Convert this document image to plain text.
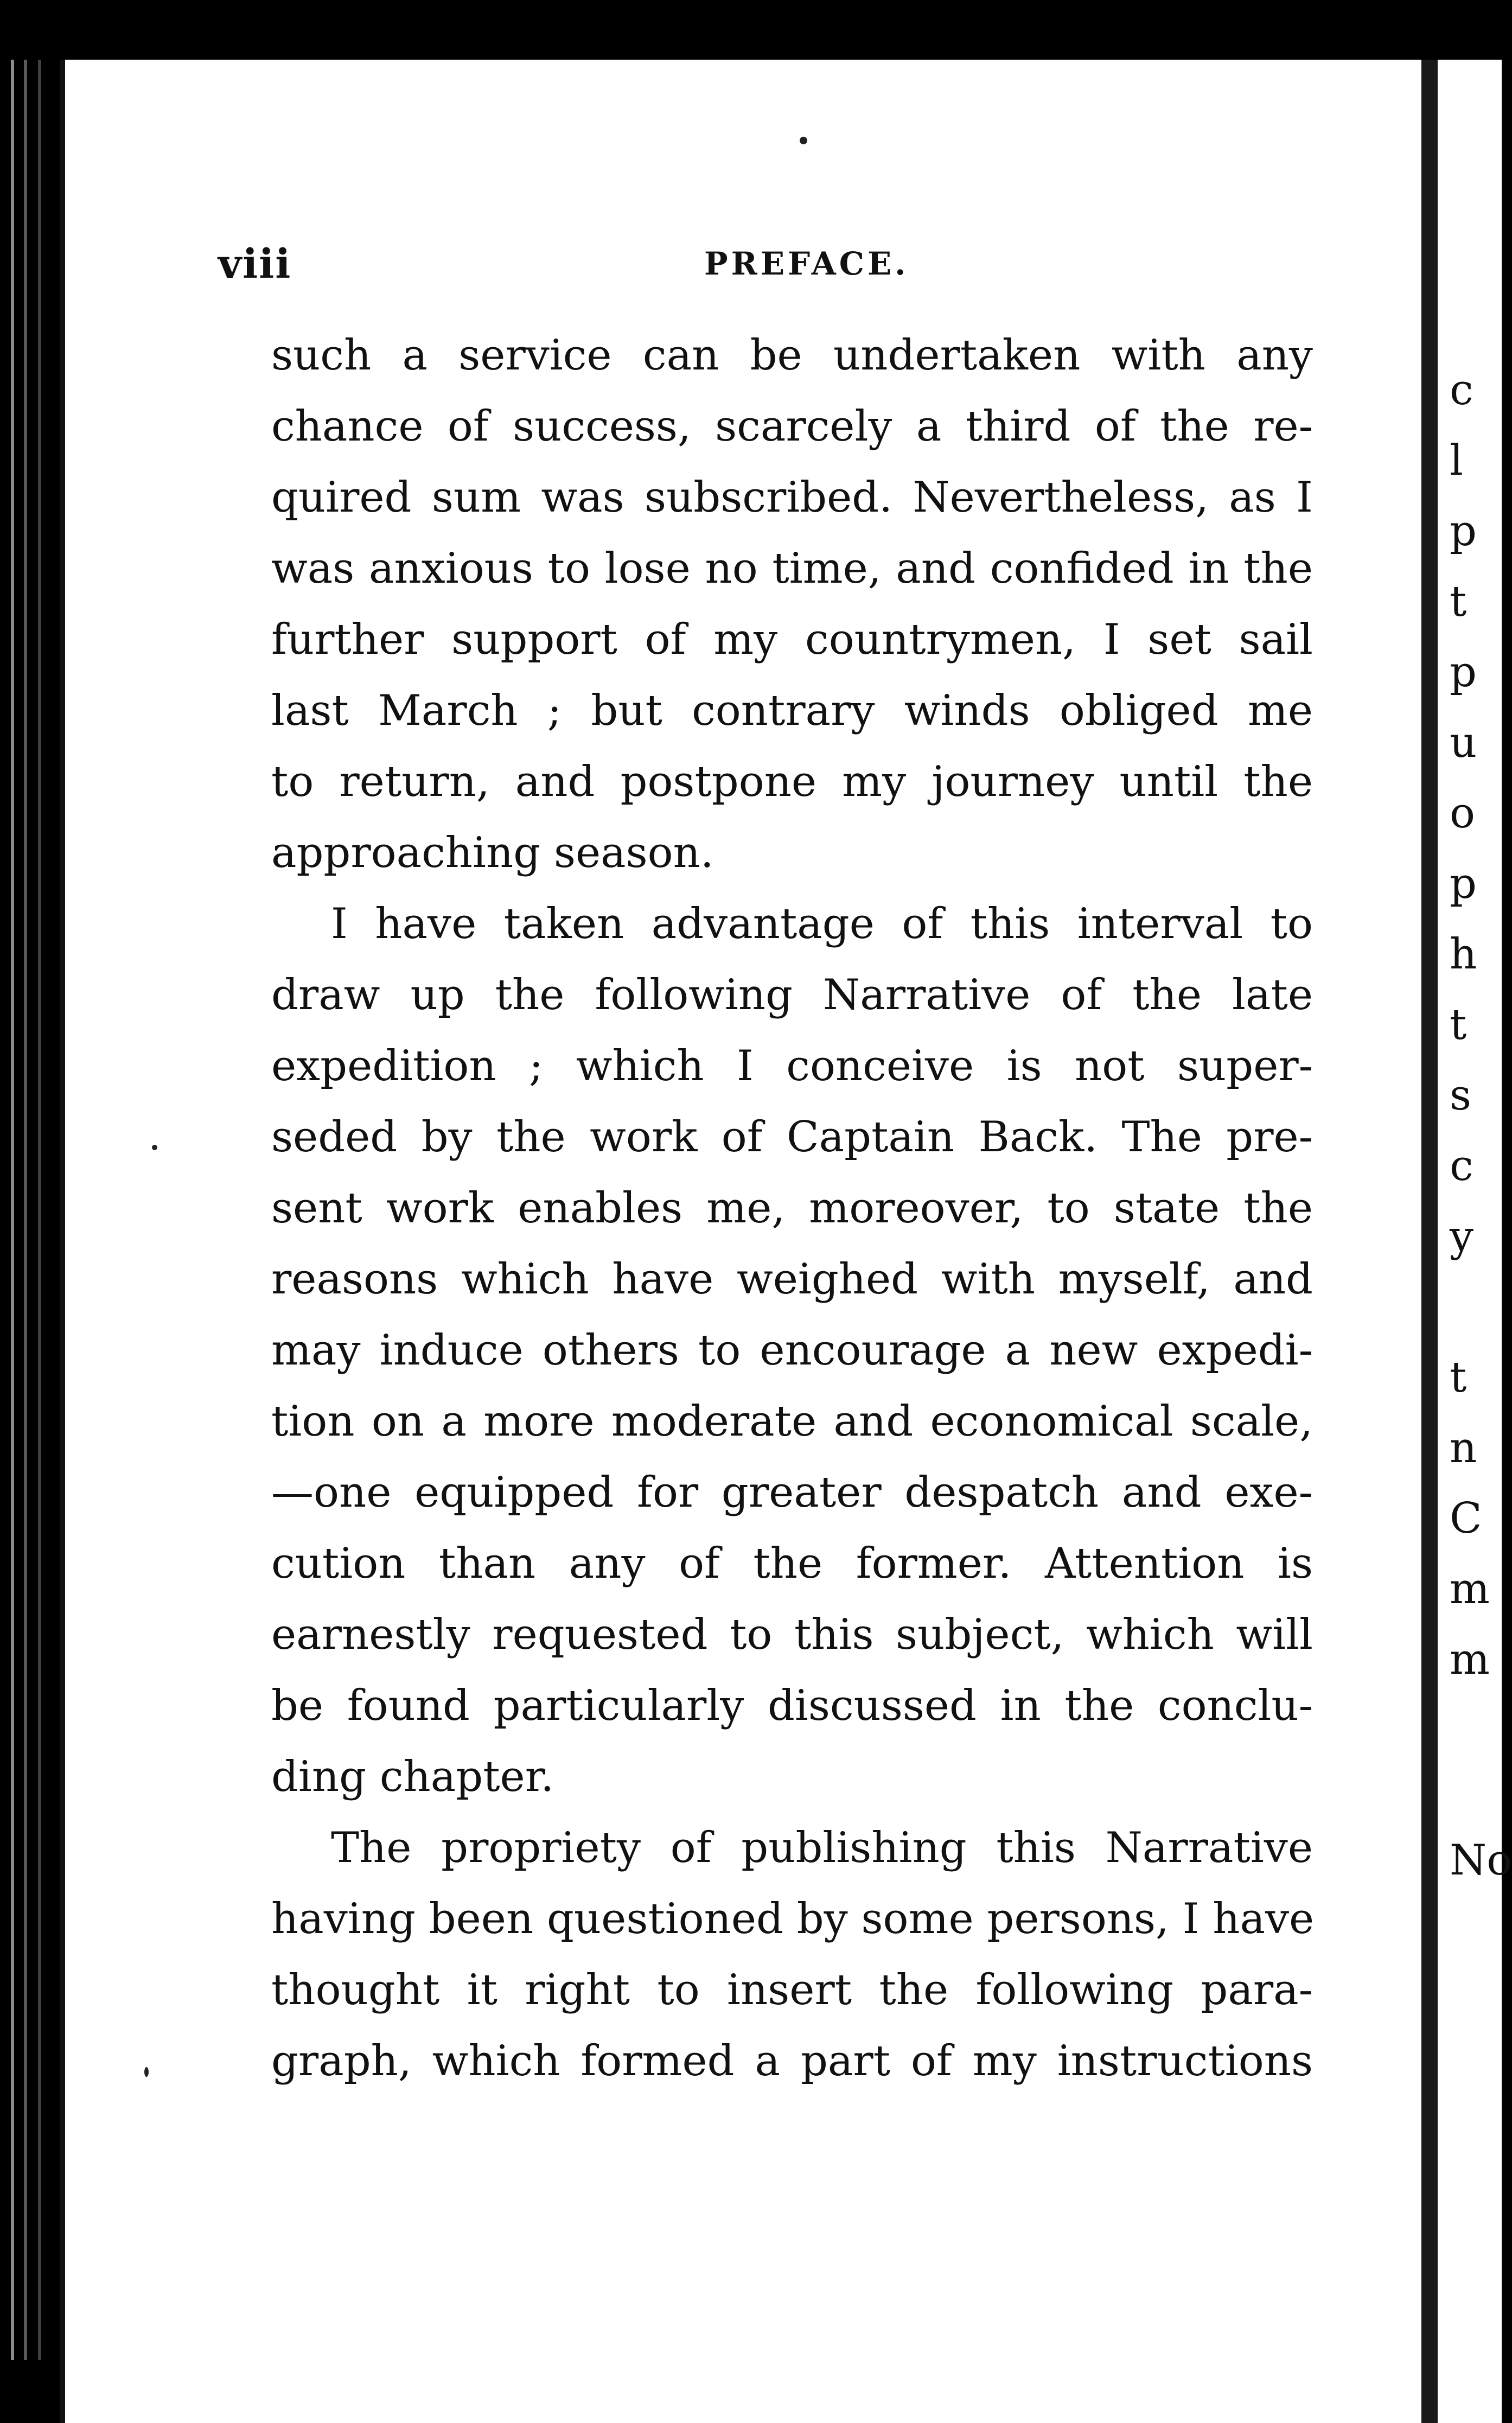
c
l
p
t
p
u
o
p
h
t
s
c
y
t
n
C
m
m
No
viii	PREFACE.
such a service can be undertaken with any
chance of success, scarcely a third of the re-
quired sum was subscribed. Nevertheless, as I
was anxious to lose no time, and confided in the
further support of my countrymen, I set sail
last March ; but contrary winds obliged me
to return, and postpone my journey until the
approaching season.
I have taken advantage of this interval to
draw up the following Narrative of the late
expedition ; which I conceive is not super-
seded by the work of Captain Back. The pre-
sent work enables me, moreover, to state the
reasons which have weighed with myself, and
may induce others to encourage a new expedi-
tion on a more moderate and economical scale,
—one equipped for greater despatch and exe-
cution than any of the former. Attention is
earnestly requested to this subject, which will
be found particularly discussed in the conclu-
ding chapter.
The propriety of publishing this Narrative
having been questioned by some persons, I have
thought it right to insert the following para-
graph, which formed a part of my instructions
